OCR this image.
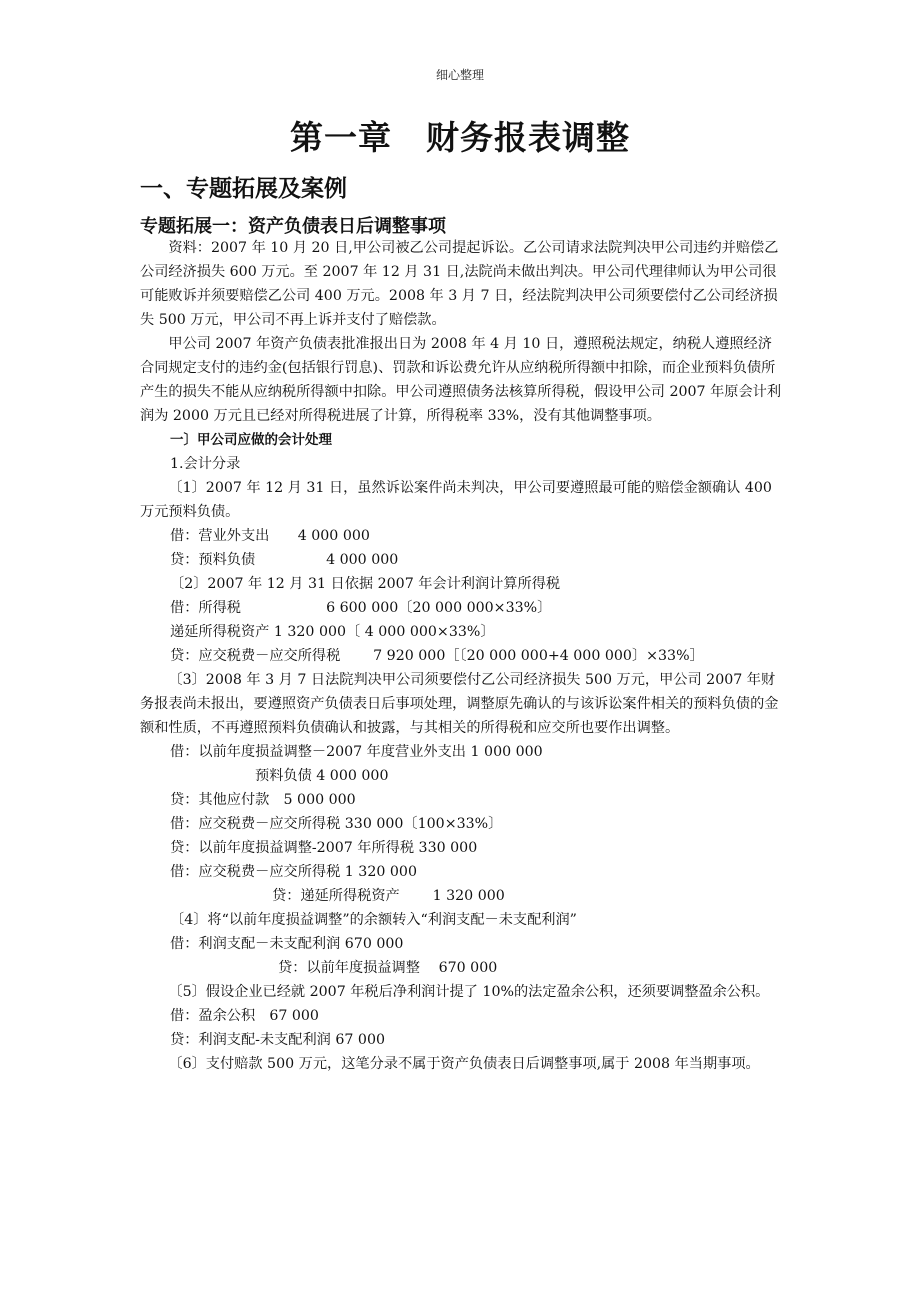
细心整理
第一章　财务报表调整
一、专题拓展及案例
专题拓展一：资产负债表日后调整事项

资料：2007 年 10 月 20 日,甲公司被乙公司提起诉讼。乙公司请求法院判决甲公司违约并赔偿乙公司经济损失 600 万元。至 2007 年 12 月 31 日,法院尚未做出判决。甲公司代理律师认为甲公司很可能败诉并须要赔偿乙公司 400 万元。2008 年 3 月 7 日，经法院判决甲公司须要偿付乙公司经济损失 500 万元，甲公司不再上诉并支付了赔偿款。

甲公司 2007 年资产负债表批准报出日为 2008 年 4 月 10 日，遵照税法规定，纳税人遵照经济合同规定支付的违约金(包括银行罚息)、罚款和诉讼费允许从应纳税所得额中扣除，而企业预料负债所产生的损失不能从应纳税所得额中扣除。甲公司遵照债务法核算所得税，假设甲公司 2007 年原会计利润为 2000 万元且已经对所得税进展了计算，所得税率 33%，没有其他调整事项。

一〕甲公司应做的会计处理

1.会计分录

〔1〕2007 年 12 月 31 日，虽然诉讼案件尚未判决，甲公司要遵照最可能的赔偿金额确认 400 万元预料负债。

借：营业外支出  4 000 000

贷：预料负债     4 000 000

〔2〕2007 年 12 月 31 日依据 2007 年会计利润计算所得税

借：所得税      6 600 000〔20 000 000×33%〕

递延所得税资产 1 320 000〔 4 000 000×33%〕

贷：应交税费－应交所得税   7 920 000［〔20 000 000+4 000 000〕×33%］

〔3〕2008 年 3 月 7 日法院判决甲公司须要偿付乙公司经济损失 500 万元，甲公司 2007 年财务报表尚未报出，要遵照资产负债表日后事项处理，调整原先确认的与该诉讼案件相关的预料负债的金额和性质，不再遵照预料负债确认和披露，与其相关的所得税和应交所也要作出调整。

借：以前年度损益调整－2007 年度营业外支出 1 000 000

预料负债 4 000 000

贷：其他应付款 5 000 000

借：应交税费－应交所得税 330 000〔100×33%〕

贷：以前年度损益调整-2007 年所得税 330 000

借：应交税费－应交所得税 1 320 000

贷：递延所得税资产   1 320 000

〔4〕将“以前年度损益调整”的余额转入“利润支配－未支配利润”

借：利润支配－未支配利润 670 000

贷：以前年度损益调整  670 000

〔5〕假设企业已经就 2007 年税后净利润计提了 10%的法定盈余公积，还须要调整盈余公积。

借：盈余公积 67 000

贷：利润支配-未支配利润 67 000

〔6〕支付赔款 500 万元，这笔分录不属于资产负债表日后调整事项,属于 2008 年当期事项。
